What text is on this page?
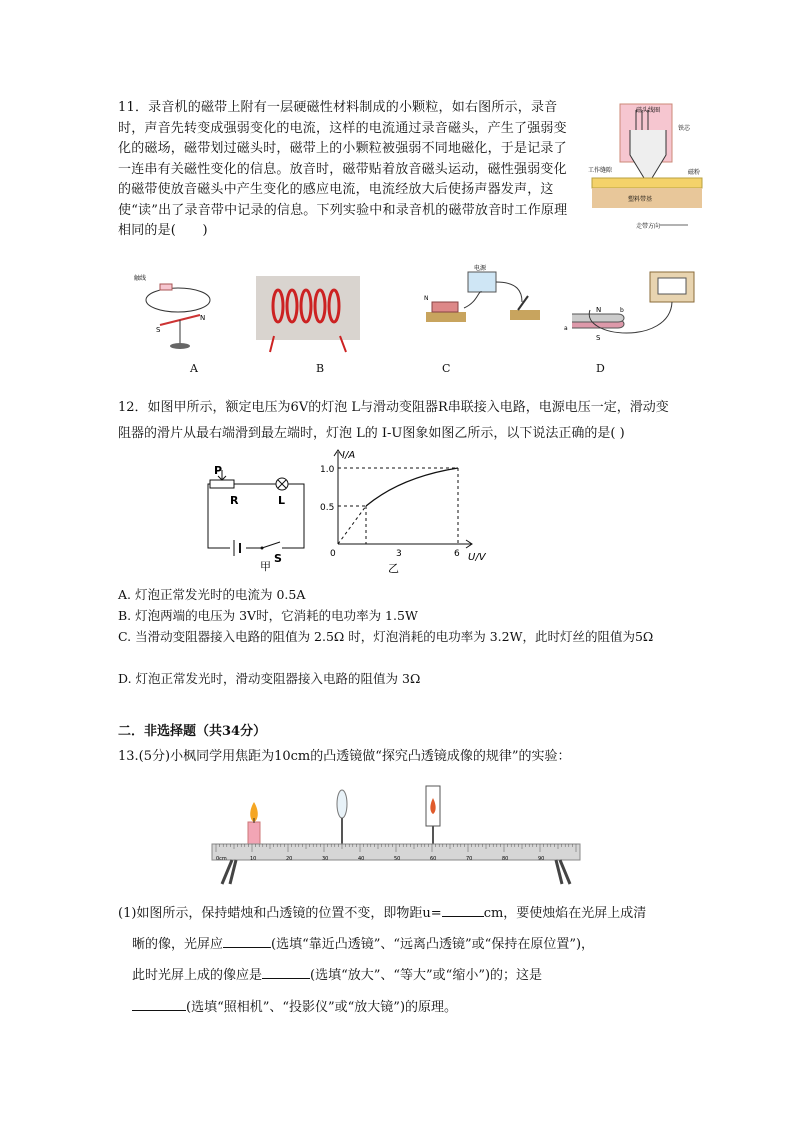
11．录音机的磁带上附有一层硬磁性材料制成的小颗粒，如右图所示，录音时，声音先转变成强弱变化的电流，这样的电流通过录音磁头，产生了强弱变化的磁场，磁带划过磁头时，磁带上的小颗粒被强弱不同地磁化，于是记录了一连串有关磁性变化的信息。放音时，磁带贴着放音磁头运动，磁性强弱变化的磁带使放音磁头中产生变化的感应电流，电流经放大后使扬声器发声，这使“读”出了录音带中记录的信息。下列实验中和录音机的磁带放音时工作原理相同的是(　　)
磁头线圈
铁芯
工作缝隙	磁粉
塑料带基
走带方向
触线
S
N
电源
N
N
S
a
b
A	B	C	D
12．如图甲所示，额定电压为6V的灯泡 L与滑动变阻器R串联接入电路，电源电压一定，滑动变阻器的滑片从最右端滑到最左端时，灯泡 L的 I-U图象如图乙所示，以下说法正确的是( )
P
R	L
S
甲
I/A
1.0
0.5
0	3	6 U/V
乙
A. 灯泡正常发光时的电流为 0.5A
B. 灯泡两端的电压为 3V时，它消耗的电功率为 1.5W
C. 当滑动变阻器接入电路的阻值为 2.5Ω 时，灯泡消耗的电功率为 3.2W，此时灯丝的阻值为5Ω
D. 灯泡正常发光时，滑动变阻器接入电路的阻值为 3Ω
二．非选择题（共34分）
13.(5分)小枫同学用焦距为10cm的凸透镜做“探究凸透镜成像的规律”的实验：
0cm	10	20	30	40	50	60	70	80	90
(1)如图所示，保持蜡烛和凸透镜的位置不变，即物距u=	cm，要使烛焰在光屏上成清
晰的像，光屏应	(选填“靠近凸透镜”、“远离凸透镜”或“保持在原位置”)，
此时光屏上成的像应是	(选填“放大”、“等大”或“缩小”)的；这是
(选填“照相机”、“投影仪”或“放大镜”)的原理。
